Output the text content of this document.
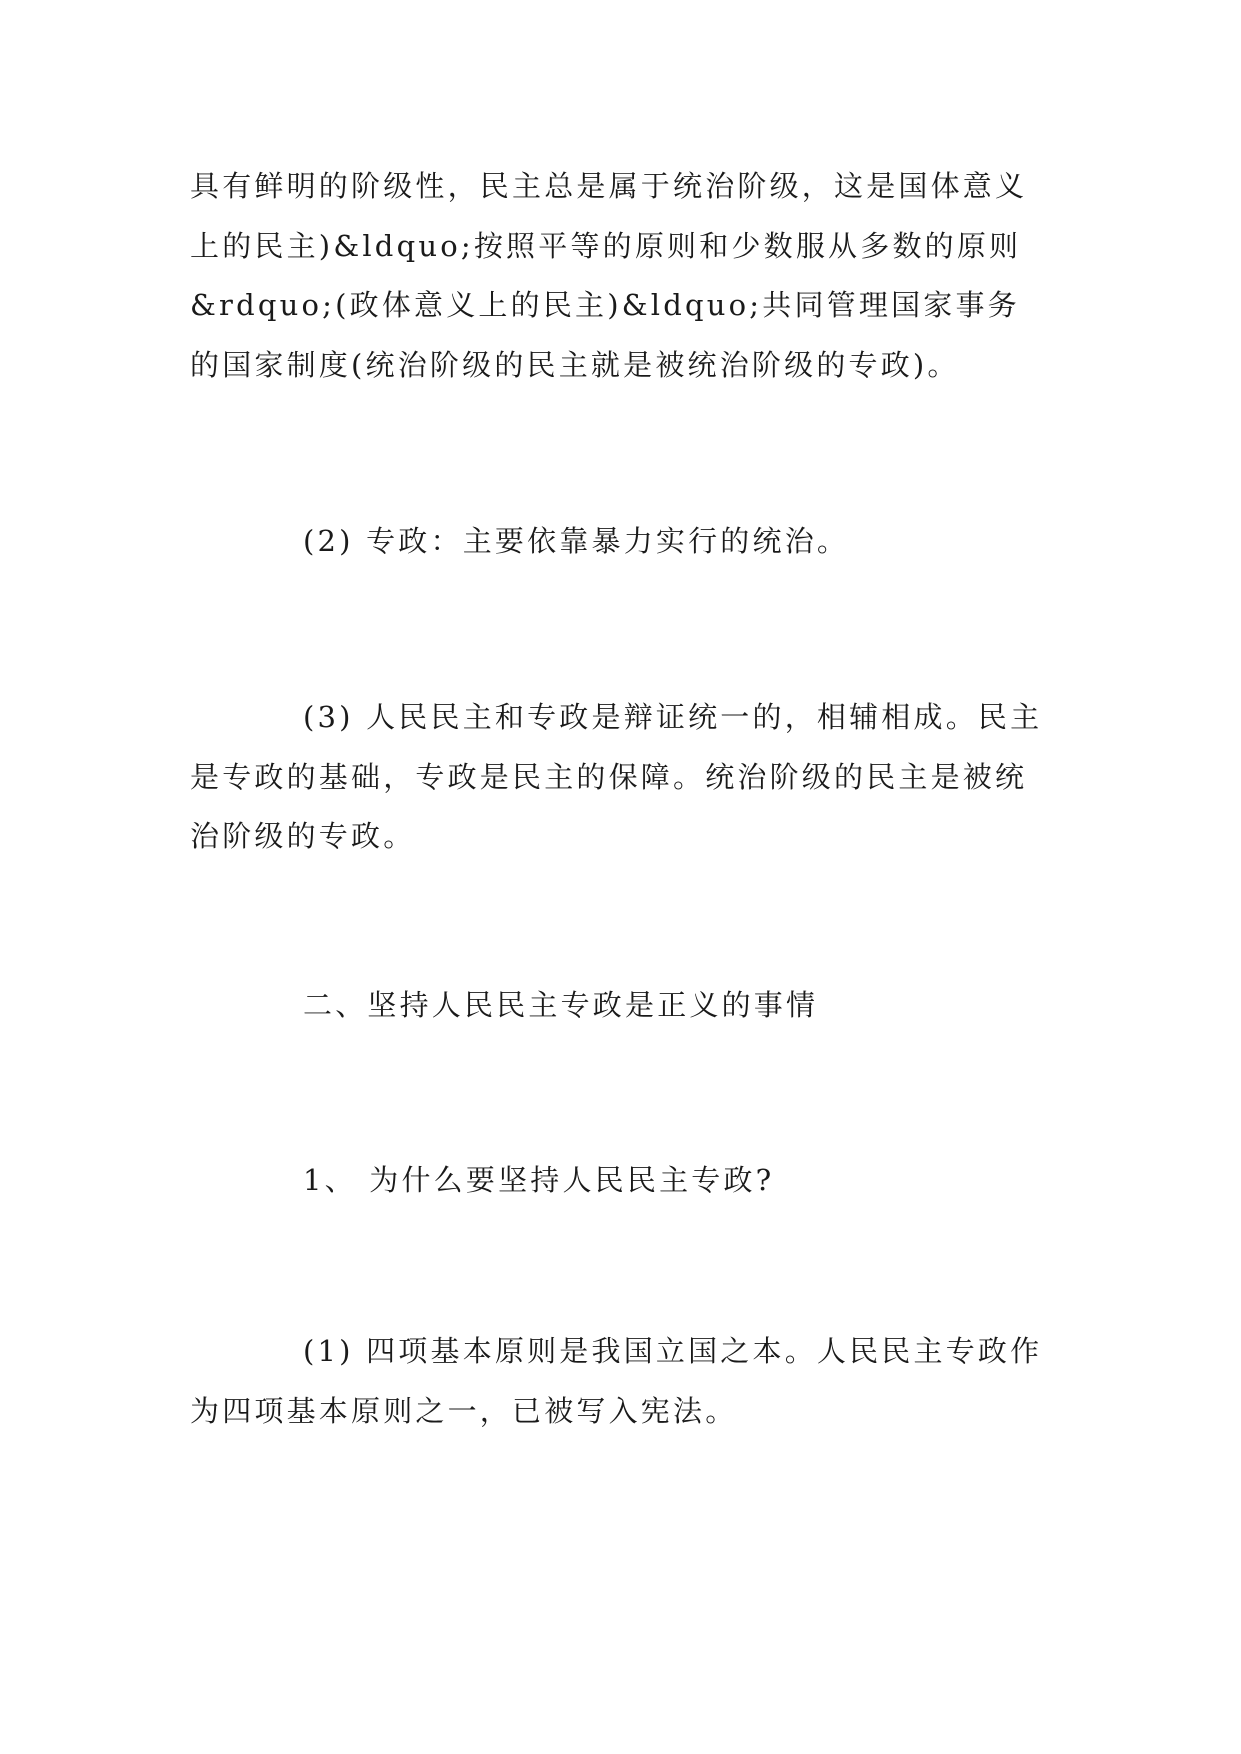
具有鲜明的阶级性，民主总是属于统治阶级，这是国体意义上的民主)&ldquo;按照平等的原则和少数服从多数的原则&rdquo;(政体意义上的民主)&ldquo;共同管理国家事务的国家制度(统治阶级的民主就是被统治阶级的专政)。

(2) 专政：主要依靠暴力实行的统治。

(3) 人民民主和专政是辩证统一的，相辅相成。民主是专政的基础，专政是民主的保障。统治阶级的民主是被统治阶级的专政。

二、坚持人民民主专政是正义的事情

1、 为什么要坚持人民民主专政?

(1) 四项基本原则是我国立国之本。人民民主专政作为四项基本原则之一，已被写入宪法。
